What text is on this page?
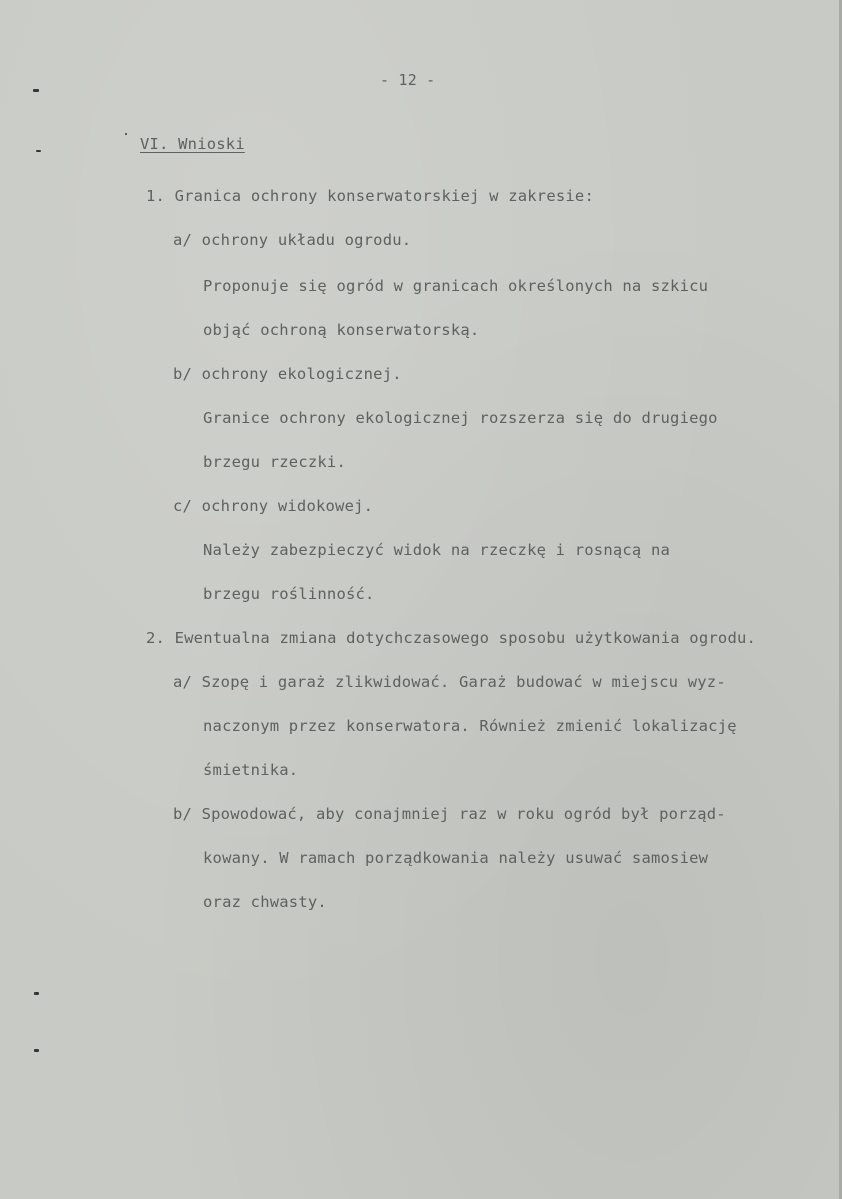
- 12 -
VI. Wnioski
1. Granica ochrony konserwatorskiej w zakresie:
a/ ochrony układu ogrodu.
Proponuje się ogród w granicach określonych na szkicu
objąć ochroną konserwatorską.
b/ ochrony ekologicznej.
Granice ochrony ekologicznej rozszerza się do drugiego
brzegu rzeczki.
c/ ochrony widokowej.
Należy zabezpieczyć widok na rzeczkę i rosnącą na
brzegu roślinność.
2. Ewentualna zmiana dotychczasowego sposobu użytkowania ogrodu.
a/ Szopę i garaż zlikwidować. Garaż budować w miejscu wyz-
naczonym przez konserwatora. Również zmienić lokalizację
śmietnika.
b/ Spowodować, aby conajmniej raz w roku ogród był porząd-
kowany. W ramach porządkowania należy usuwać samosiew
oraz chwasty.
